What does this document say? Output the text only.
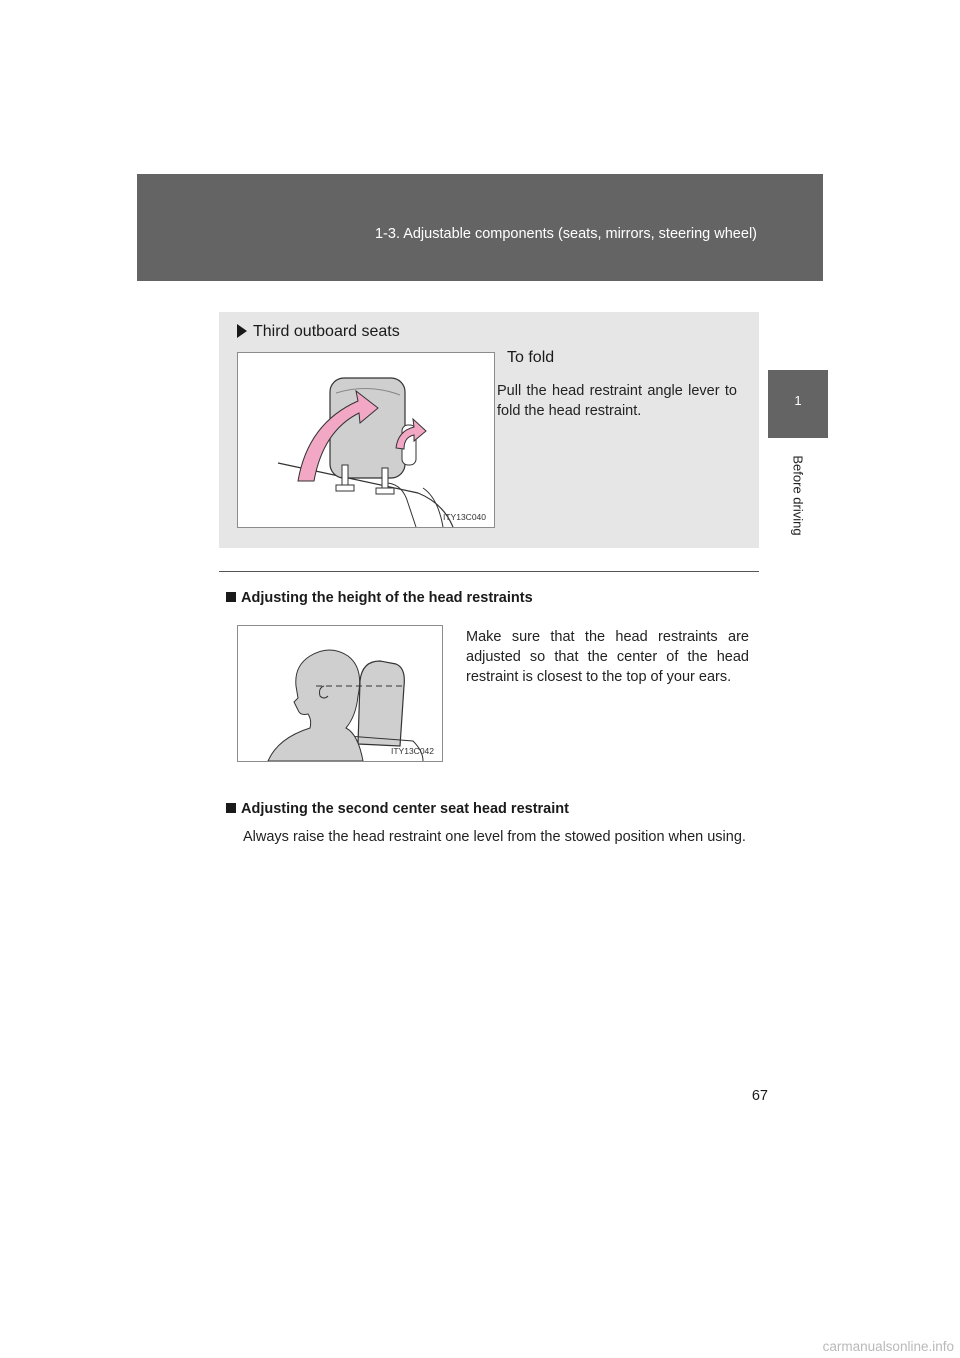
1-3. Adjustable components (seats, mirrors, steering wheel)
1
Before driving
Third outboard seats
ITY13C040
To fold
Pull the head restraint angle lever to fold the head restraint.
Adjusting the height of the head restraints
ITY13C042
Make sure that the head restraints are adjusted so that the center of the head restraint is closest to the top of your ears.
Adjusting the second center seat head restraint
Always raise the head restraint one level from the stowed position when using.
67
carmanualsonline.info
